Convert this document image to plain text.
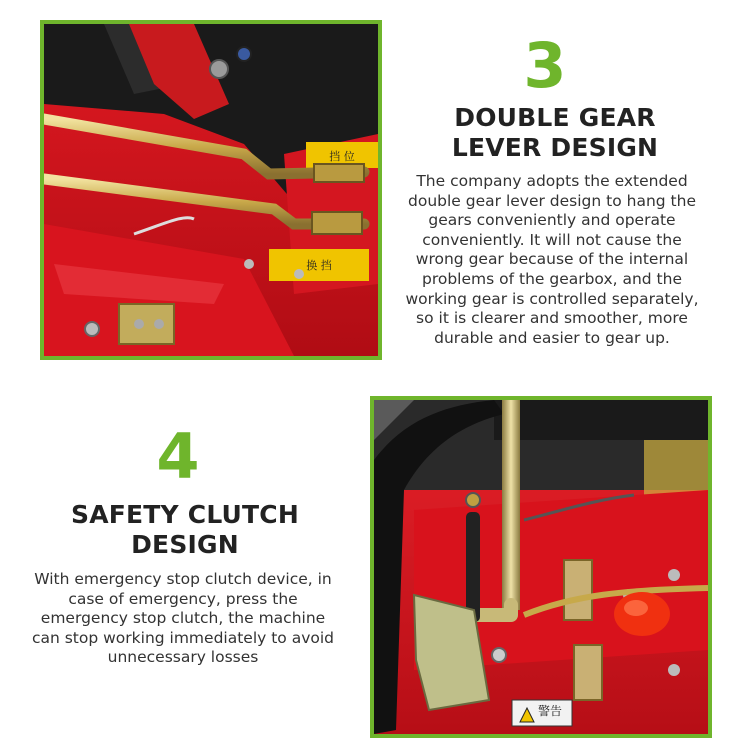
挡 位
换 挡
3
DOUBLE GEAR
LEVER DESIGN
The company adopts the extended double gear lever design to hang the gears conveniently and operate conveniently. It will not cause the wrong gear because of the internal problems of the gearbox, and the working gear is controlled separately, so it is clearer and smoother, more durable and easier to gear up.
4
SAFETY CLUTCH
DESIGN
With emergency stop clutch device, in case of emergency, press the emergency stop clutch, the machine can stop working immediately to avoid unnecessary losses
警告
